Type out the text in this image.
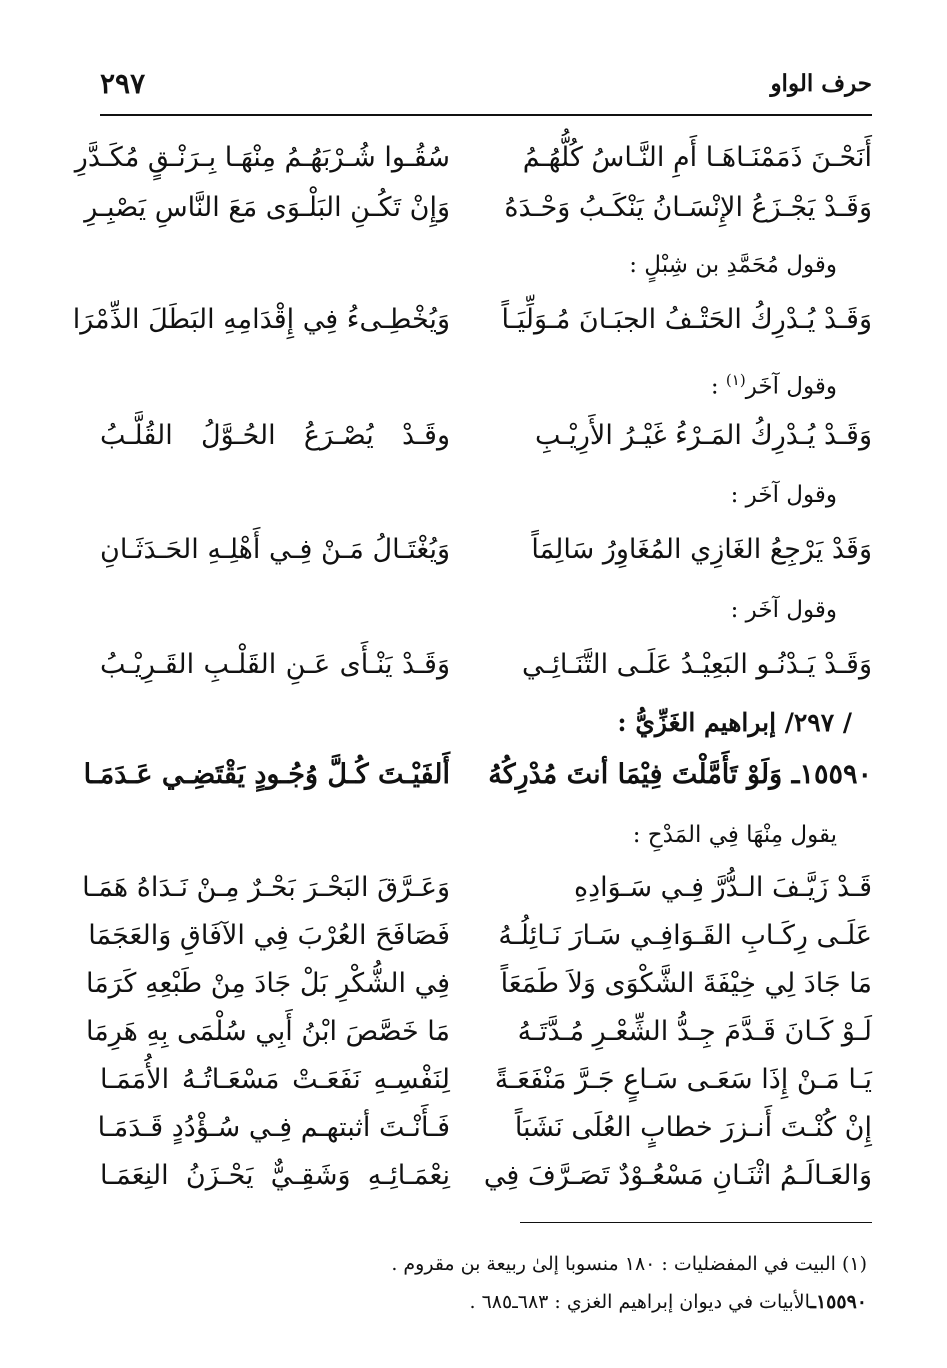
حرف الواو
٢٩٧
أَنَحْـنَ ذَمَمْنَـاهَـا أَمِ النَّـاسُ كُلُّهُـمُ
سُقُـوا شُـرْبَهُـمُ مِنْهَـا بِـرَنْـقٍ مُكَـدَّرِ
وَقَـدْ يَجْـزَعُ الإِنْسَـانُ يَنْكَـبُ وَحْـدَهُ
وَإِنْ تَكُـنِ البَلْـوَى مَعَ النَّاسِ يَصْبِـرِ
وقول مُحَمَّدِ بن شِبْلٍ :
وَقَـدْ يُـدْرِكُ الحَتْـفُ الجبَـانَ مُـوَلِّيَـاً
وَيُخْطِـىءُ فِي إِقْدَامِهِ البَطَلَ الذِّمْرَا
وقول آخَر$^{(١)}$ :
وَقَـدْ يُـدْرِكُ المَـرْءُ غَيْـرُ الأَرِيْـبِ
وقَـدْ يُصْـرَعُ الحُـوَّلُ القُلَّـبُ
وقول آخَر :
وَقَدْ يَرْجِعُ الغَازِي المُغَاوِرُ سَالِمَاً
وَيُغْتَـالُ مَـنْ فِـي أَهْلِـهِ الحَـدَثَـانِ
وقول آخَر :
وَقَـدْ يَـدْنُـو البَعِيْـدُ عَلَـى التَّنَـائِـي
وَقَـدْ يَنْـأَى عَـنِ القَلْـبِ القَـرِيْـبُ
/ ٢٩٧/ إبراهيم الغَزِّيُّ :
١٥٥٩٠ـ وَلَوْ تَأَمَّلْتَ فِيْمَا أنتَ مُدْرِكُهُ
أَلفَيْـتَ كُـلَّ وُجُـودٍ يَقْتَضِـي عَـدَمَـا
يقول مِنْهَا فِي المَدْحِ :
قَـدْ زَيَّـفَ الـدُّرَّ فِـي سَـوَادِهِ
وَعَـرَّقَ البَحْـرَ بَحْـرٌ مِـنْ نَـدَاهُ هَمَـا
عَلَـى رِكَـابِ القَـوَافِـي سَـارَ نَـائِلُـهُ
فَصَافَحَ العُرْبَ فِي الآفَاقِ وَالعَجَمَا
مَا جَادَ لِي خِيْفَةَ الشَّكْوَى وَلاَ طَمَعَاً
فِي الشُّكْرِ بَلْ جَادَ مِنْ طَبْعِهِ كَرَمَا
لَـوْ كَـانَ قَـدَّمَ جِـدُّ الشِّعْـرِ مُـدَّتَـهُ
مَا خَصَّصَ ابْنُ أَبِي سُلْمَى بِهِ هَرِمَا
يَـا مَـنْ إِذَا سَعَـى سَـاعٍ جَـرَّ مَنْفَعَـةً
لِنَفْسِـهِ نَفَعَـتْ مَسْعَـاتُـهُ الأُمَمَـا
إِنْ كُنْـتَ أَنـزرَ خطابٍ العُلَى نَشَبَاً
فَـأَنْـتَ أثبتهـم فِـي سُـؤْدُدٍ قَـدَمَـا
وَالعَـالَـمُ اثْنَـانِ مَسْعُـوْدٌ تَصَـرَّفَ فِي
نِعْمَـائِـهِ وَشَقِـيٌّ يَحْـزَنُ النِعَمَـا
(١) البيت في المفضليات : ١٨٠ منسوبا إلىٰ ربيعة بن مقروم .
١٥٥٩٠ـالأبيات في ديوان إبراهيم الغزي : ٦٨٣ـ٦٨٥ .
